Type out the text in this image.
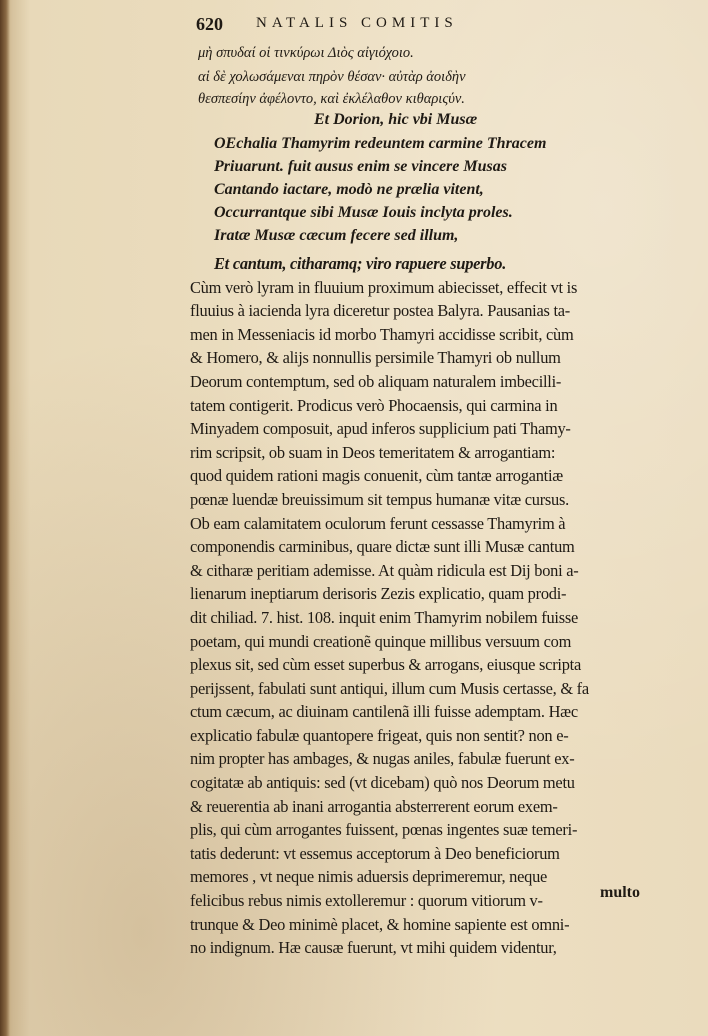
620 NATALIS COMITIS
μὴ σπυδαί οἱ τινκύρωι Διὸς αἰγιόχοιο.
αἱ δὲ χολωσάμεναι πηρὸν θέσαν· αὐτὰρ ἀοιδὴν
θεσπεσίην ἀφέλοντο, καὶ ἐκλέλαθον κιθαριςύν.
Et Dorion, hic vbi Musæ
OEchalia Thamyrim redeuntem carmine Thracem
Priuarunt. fuit ausus enim se vincere Musas
Cantando iactare, modò ne prælia vitent,
Occurrantque sibi Musæ Iouis inclyta proles.
Iratæ Musæ cæcum fecere sed illum,
Et cantum, citharamq; viro rapuere superbo.
Cùm verò lyram in fluuium proximum abiecisset, effecit vt is
fluuius à iacienda lyra diceretur postea Balyra. Pausanias ta-
men in Messeniacis id morbo Thamyri accidisse scribit, cùm
& Homero, & alijs nonnullis persimile Thamyri ob nullum
Deorum contemptum, sed ob aliquam naturalem imbecilli-
tatem contigerit. Prodicus verò Phocaensis, qui carmina in
Minyadem composuit, apud inferos supplicium pati Thamy-
rim scripsit, ob suam in Deos temeritatem & arrogantiam:
quod quidem rationi magis conuenit, cùm tantæ arrogantiæ
pœnæ luendæ breuissimum sit tempus humanæ vitæ cursus.
Ob eam calamitatem oculorum ferunt cessasse Thamyrim à
componendis carminibus, quare dictæ sunt illi Musæ cantum
& citharæ peritiam ademisse. At quàm ridicula est Dij boni a-
lienarum ineptiarum derisoris Zezis explicatio, quam prodi-
dit chiliad. 7. hist. 108. inquit enim Thamyrim nobilem fuisse
poetam, qui mundi creationẽ quinque millibus versuum com
plexus sit, sed cùm esset superbus & arrogans, eiusque scripta
perijssent, fabulati sunt antiqui, illum cum Musis certasse, & fa
ctum cæcum, ac diuinam cantilenã illi fuisse ademptam. Hæc
explicatio fabulæ quantopere frigeat, quis non sentit? non e-
nim propter has ambages, & nugas aniles, fabulæ fuerunt ex-
cogitatæ ab antiquis: sed (vt dicebam) quò nos Deorum metu
& reuerentia ab inani arrogantia absterrerent eorum exem-
plis, qui cùm arrogantes fuissent, pœnas ingentes suæ temeri-
tatis dederunt: vt essemus acceptorum à Deo beneficiorum
memores , vt neque nimis aduersis deprimeremur, neque
felicibus rebus nimis extolleremur : quorum vitiorum v-
trunque & Deo minimè placet, & homine sapiente est omni-
no indignum. Hæ causæ fuerunt, vt mihi quidem videntur,
multo
